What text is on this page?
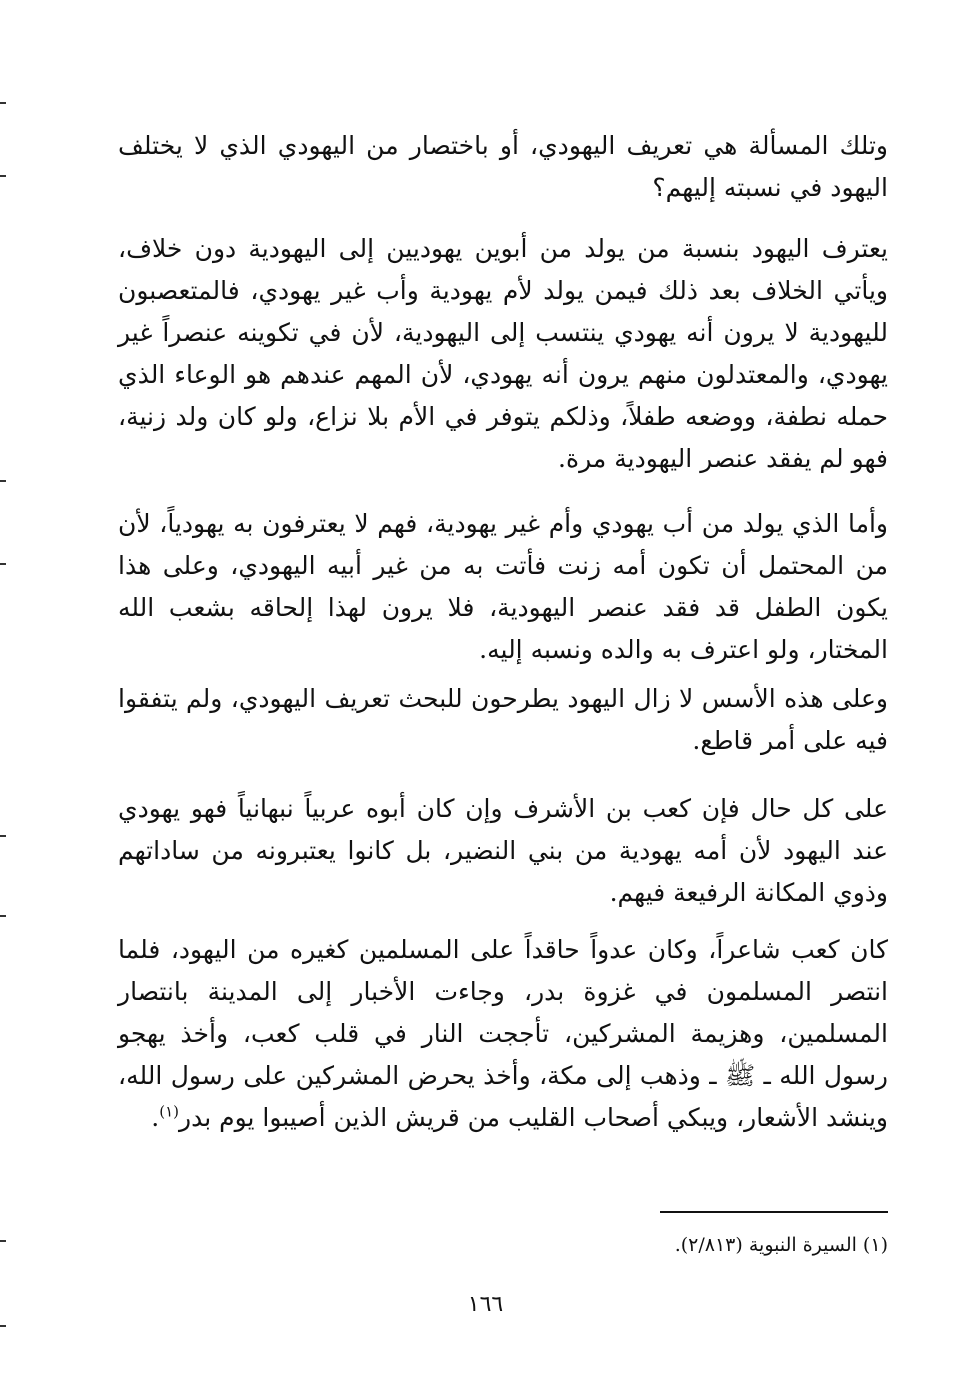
وتلك المسألة هي تعريف اليهودي، أو باختصار من اليهودي الذي لا يختلف اليهود في نسبته إليهم؟

يعترف اليهود بنسبة من يولد من أبوين يهوديين إلى اليهودية دون خلاف، ويأتي الخلاف بعد ذلك فيمن يولد لأم يهودية وأب غير يهودي، فالمتعصبون لليهودية لا يرون أنه يهودي ينتسب إلى اليهودية، لأن في تكوينه عنصراً غير يهودي، والمعتدلون منهم يرون أنه يهودي، لأن المهم عندهم هو الوعاء الذي حمله نطفة، ووضعه طفلاً، وذلكم يتوفر في الأم بلا نزاع، ولو كان ولد زنية، فهو لم يفقد عنصر اليهودية مرة.

وأما الذي يولد من أب يهودي وأم غير يهودية، فهم لا يعترفون به يهودياً، لأن من المحتمل أن تكون أمه زنت فأتت به من غير أبيه اليهودي، وعلى هذا يكون الطفل قد فقد عنصر اليهودية، فلا يرون لهذا إلحاقه بشعب الله المختار، ولو اعترف به والده ونسبه إليه.

وعلى هذه الأسس لا زال اليهود يطرحون للبحث تعريف اليهودي، ولم يتفقوا فيه على أمر قاطع.

على كل حال فإن كعب بن الأشرف وإن كان أبوه عربياً نبهانياً فهو يهودي عند اليهود لأن أمه يهودية من بني النضير، بل كانوا يعتبرونه من ساداتهم وذوي المكانة الرفيعة فيهم.

كان كعب شاعراً، وكان عدواً حاقداً على المسلمين كغيره من اليهود، فلما انتصر المسلمون في غزوة بدر، وجاءت الأخبار إلى المدينة بانتصار المسلمين، وهزيمة المشركين، تأججت النار في قلب كعب، وأخذ يهجو رسول الله ـ ﷺ ـ وذهب إلى مكة، وأخذ يحرض المشركين على رسول الله، وينشد الأشعار، ويبكي أصحاب القليب من قريش الذين أصيبوا يوم بدر$^{(١)}$.

(١) السيرة النبوية (٢/٨١٣).
١٦٦
